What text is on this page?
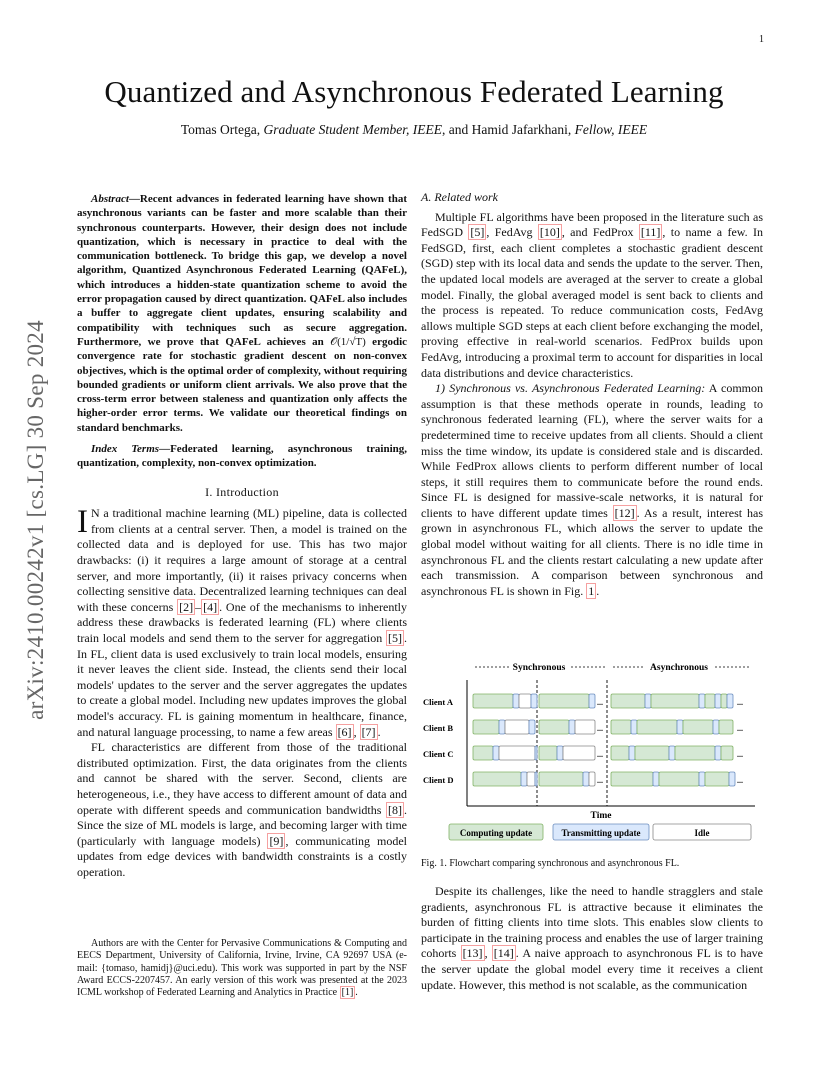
1
arXiv:2410.00242v1 [cs.LG] 30 Sep 2024
Quantized and Asynchronous Federated Learning
Tomas Ortega, Graduate Student Member, IEEE, and Hamid Jafarkhani, Fellow, IEEE

Abstract—Recent advances in federated learning have shown that asynchronous variants can be faster and more scalable than their synchronous counterparts. However, their design does not include quantization, which is necessary in practice to deal with the communication bottleneck. To bridge this gap, we develop a novel algorithm, Quantized Asynchronous Federated Learning (QAFeL), which introduces a hidden-state quantization scheme to avoid the error propagation caused by direct quantization. QAFeL also includes a buffer to aggregate client updates, ensuring scalability and compatibility with techniques such as secure aggregation. Furthermore, we prove that QAFeL achieves an 𝒪(1/√T) ergodic convergence rate for stochastic gradient descent on non-convex objectives, which is the optimal order of complexity, without requiring bounded gradients or uniform client arrivals. We also prove that the cross-term error between staleness and quantization only affects the higher-order error terms. We validate our theoretical findings on standard benchmarks.

Index Terms—Federated learning, asynchronous training, quantization, complexity, non-convex optimization.

I. Introduction

I N a traditional machine learning (ML) pipeline, data is collected from clients at a central server. Then, a model is trained on the collected data and is deployed for use. This has two major drawbacks: (i) it requires a large amount of storage at a central server, and more importantly, (ii) it raises privacy concerns when collecting sensitive data. Decentralized learning techniques can deal with these concerns [2] – [4] . One of the mechanisms to inherently address these drawbacks is federated learning (FL) where clients train local models and send them to the server for aggregation [5] . In FL, client data is used exclusively to train local models, ensuring it never leaves the client side. Instead, the clients send their local models' updates to the server and the server aggregates the updates to create a global model. Including new updates improves the global model's accuracy. FL is gaining momentum in healthcare, finance, and natural language processing, to name a few areas [6] , [7] .

FL characteristics are different from those of the traditional distributed optimization. First, the data originates from the clients and cannot be shared with the server. Second, clients are heterogeneous, i.e., they have access to different amount of data and operate with different speeds and communication bandwidths [8] . Since the size of ML models is large, and becoming larger with time (particularly with language models) [9] , communicating model updates from edge devices with bandwidth constraints is a costly operation.

Authors are with the Center for Pervasive Communications & Computing and EECS Department, University of California, Irvine, Irvine, CA 92697 USA (e-mail: {tomaso, hamidj}@uci.edu). This work was supported in part by the NSF Award ECCS-2207457. An early version of this work was presented at the 2023 ICML workshop of Federated Learning and Analytics in Practice [1] .

A. Related work

Multiple FL algorithms have been proposed in the literature such as FedSGD [5] , FedAvg [10] , and FedProx [11] , to name a few. In FedSGD, first, each client completes a stochastic gradient descent (SGD) step with its local data and sends the update to the server. Then, the updated local models are averaged at the server to create a global model. Finally, the global averaged model is sent back to clients and the process is repeated. To reduce communication costs, FedAvg allows multiple SGD steps at each client before exchanging the model, proving effective in real-world scenarios. FedProx builds upon FedAvg, introducing a proximal term to account for disparities in local data distributions and device characteristics.

1) Synchronous vs. Asynchronous Federated Learning: A common assumption is that these methods operate in rounds, leading to synchronous federated learning (FL), where the server waits for a predetermined time to receive updates from all clients. Should a client miss the time window, its update is considered stale and is discarded. While FedProx allows clients to perform different number of local steps, it still requires them to communicate before the round ends. Since FL is designed for massive-scale networks, it is natural for clients to have different update times [12] . As a result, interest has grown in asynchronous FL, which allows the server to update the global model without waiting for all clients. There is no idle time in asynchronous FL and the clients restart calculating a new update after each transmission. A comparison between synchronous and asynchronous FL is shown in Fig. 1 .

Synchronous	Asynchronous
Time
Client A	...	...
Client B	...	...
Client C	...	...
Client D	...	...
Computing update	Transmitting update	Idle
Fig. 1. Flowchart comparing synchronous and asynchronous FL.

Despite its challenges, like the need to handle stragglers and stale gradients, asynchronous FL is attractive because it eliminates the burden of fitting clients into time slots. This enables slow clients to participate in the training process and enables the use of larger training cohorts [13] , [14] . A naive approach to asynchronous FL is to have the server update the global model every time it receives a client update. However, this method is not scalable, as the communication
